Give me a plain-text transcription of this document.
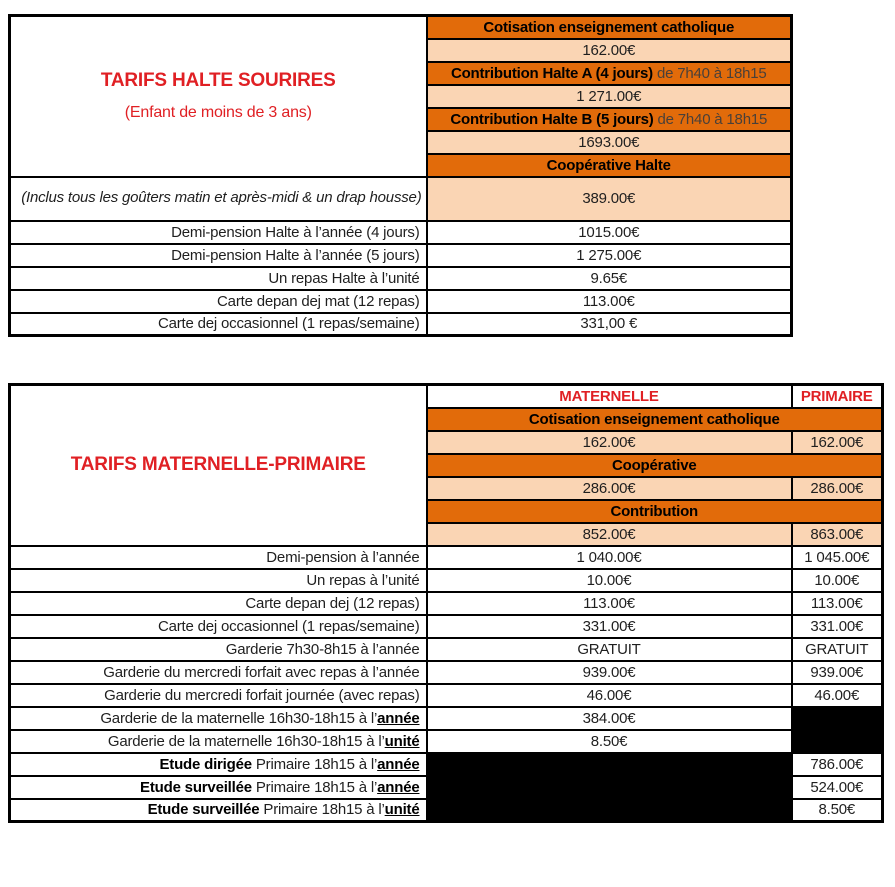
TARIFS HALTE SOURIRES
(Enfant de moins de 3 ans)	Cotisation enseignement catholique
	162.00€
	Contribution Halte A (4 jours) de 7h40 à 18h15
	1 271.00€
	Contribution Halte B (5 jours) de 7h40 à 18h15
	1693.00€
	Coopérative Halte
(Inclus tous les goûters matin et après-midi & un drap housse)	389.00€
Demi-pension Halte à l’année (4 jours)	1015.00€
Demi-pension Halte à l’année (5 jours)	1 275.00€
Un repas Halte à l’unité	9.65€
Carte depan dej mat (12 repas)	113.00€
Carte dej occasionnel (1 repas/semaine)	331,00 €
TARIFS MATERNELLE-PRIMAIRE	MATERNELLE	PRIMAIRE
	Cotisation enseignement catholique	
	162.00€	162.00€
	Coopérative	
	286.00€	286.00€
	Contribution	
	852.00€	863.00€
Demi-pension à l’année	1 040.00€	1 045.00€
Un repas à l’unité	10.00€	10.00€
Carte depan dej (12 repas)	113.00€	113.00€
Carte dej occasionnel (1 repas/semaine)	331.00€	331.00€
Garderie 7h30-8h15 à l’année	GRATUIT	GRATUIT
Garderie du mercredi forfait avec repas à l’année	939.00€	939.00€
Garderie du mercredi forfait journée (avec repas)	46.00€	46.00€
Garderie de la maternelle 16h30-18h15 à l’année	384.00€	
Garderie de la maternelle 16h30-18h15 à l’unité	8.50€	
Etude dirigée Primaire 18h15 à l’année		786.00€
Etude surveillée Primaire 18h15 à l’année		524.00€
Etude surveillée Primaire 18h15 à l’unité		8.50€
